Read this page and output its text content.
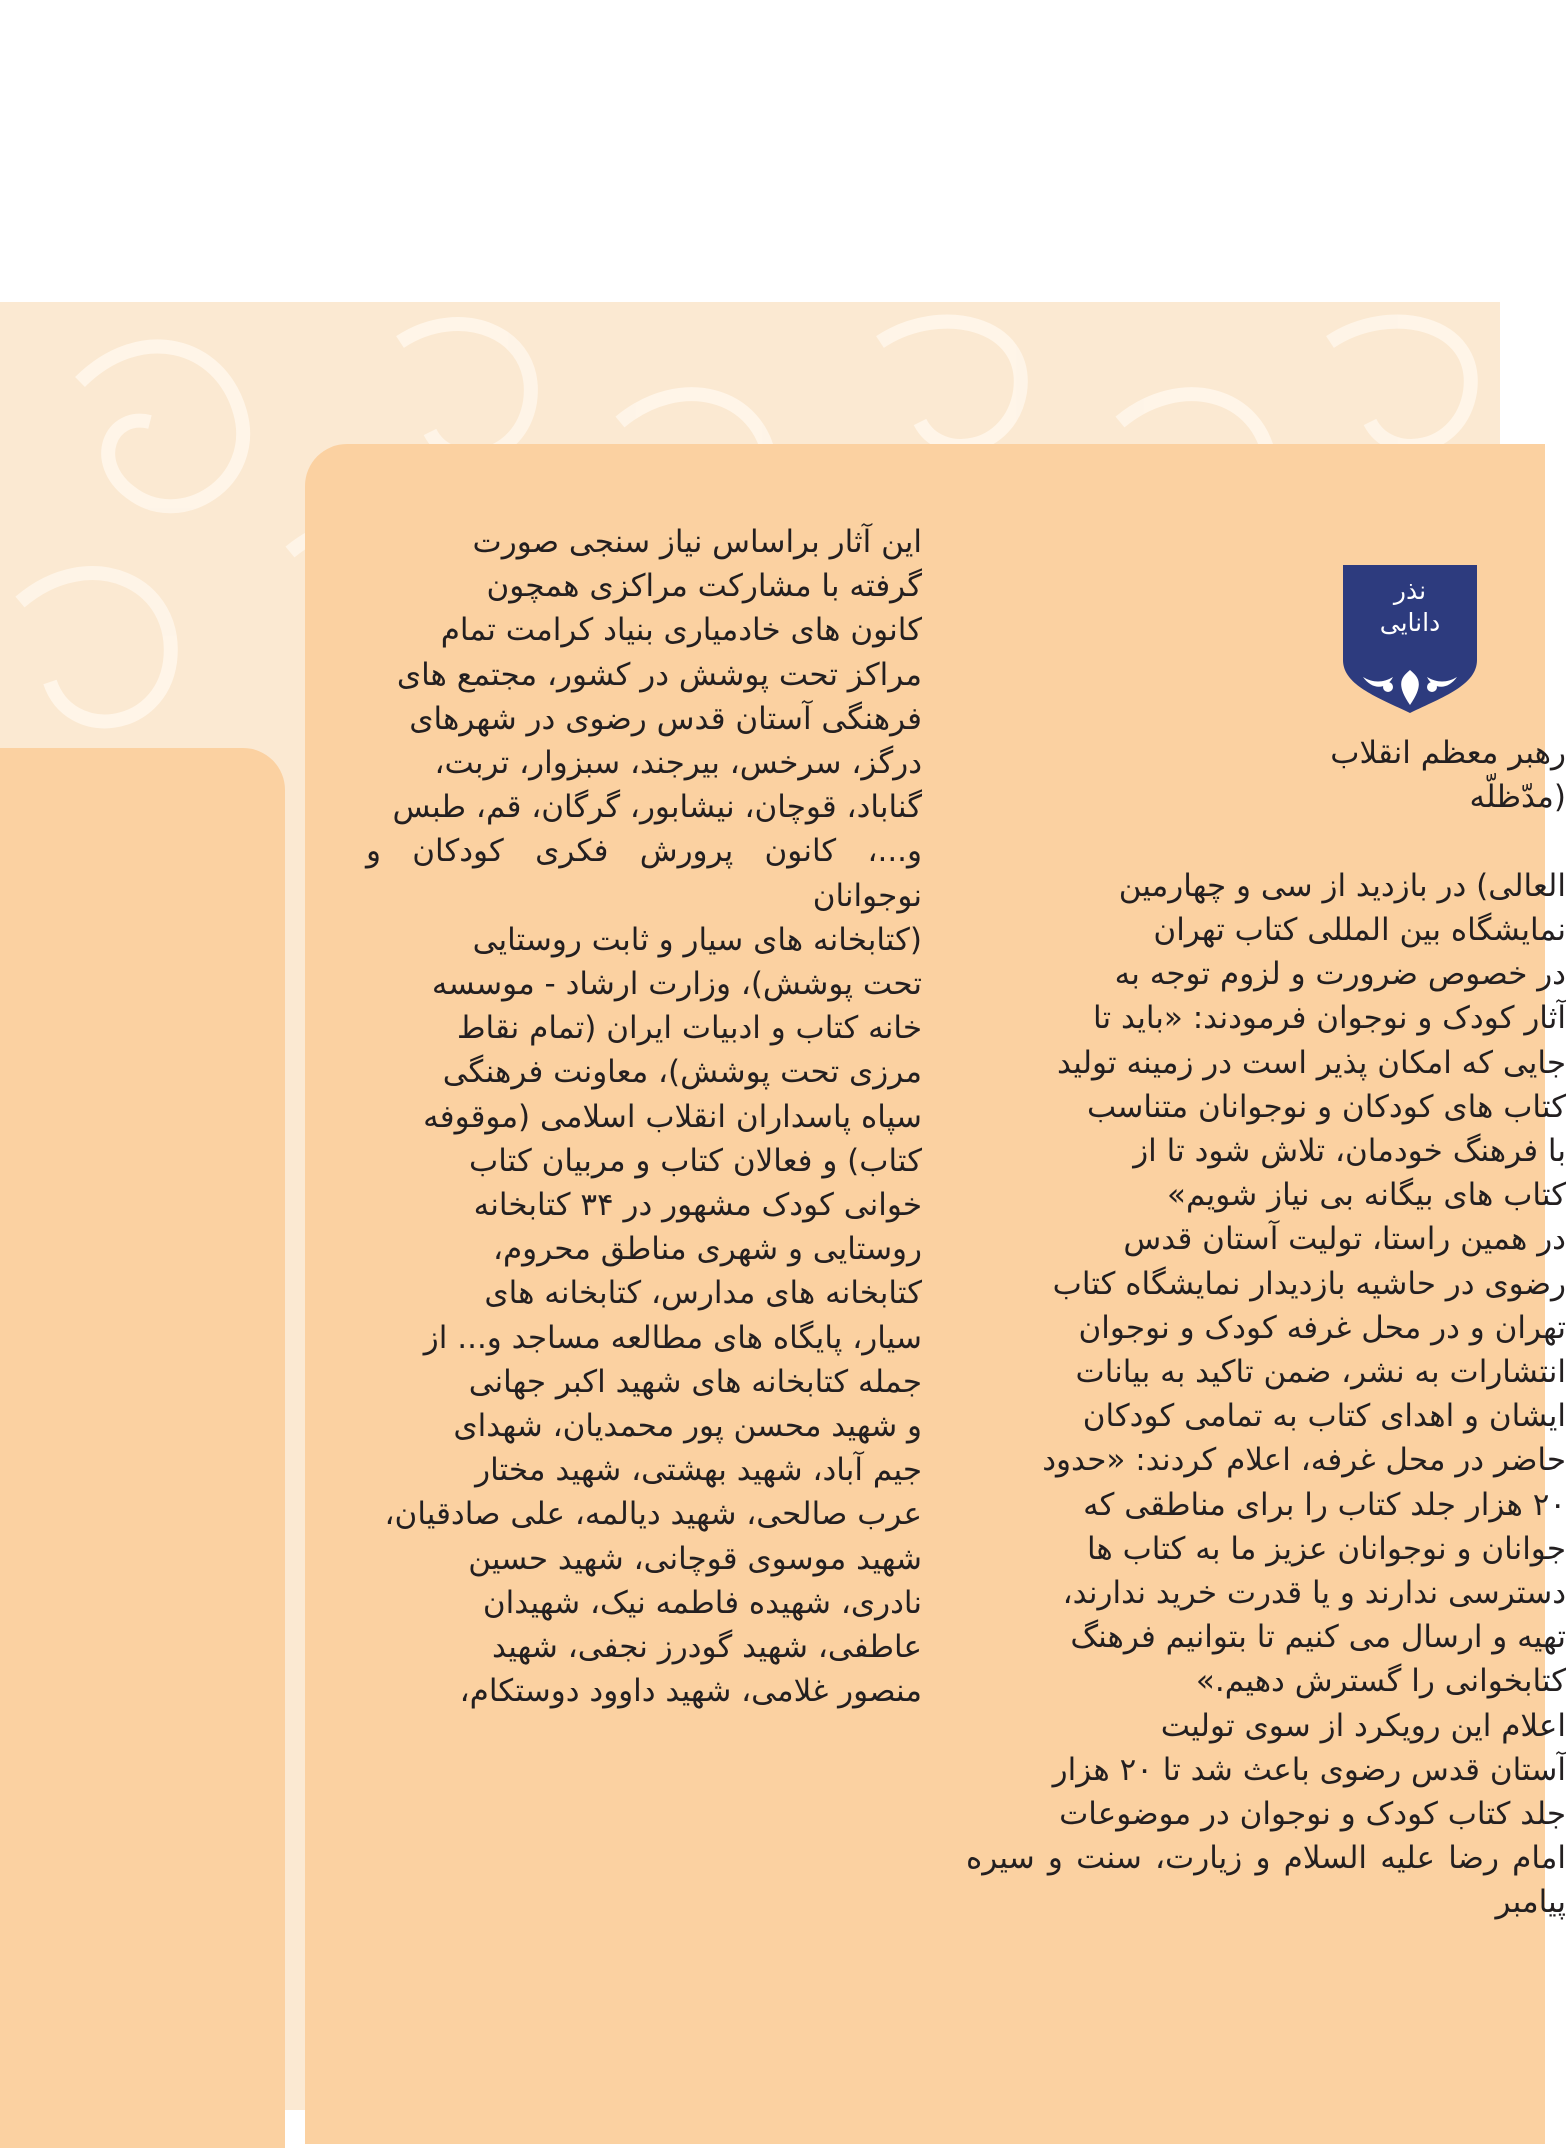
این آثار براساس نیاز سنجی صورت
گرفته با مشارکت مراکزی همچون
کانون های خادمیاری بنیاد کرامت تمام
مراکز تحت پوشش در کشور، مجتمع های
فرهنگی آستان قدس رضوی در شهرهای
درگز، سرخس، بیرجند، سبزوار، تربت،
گناباد، قوچان، نیشابور، گرگان، قم، طبس
و...، کانون پرورش فکری کودکان و نوجوانان
(کتابخانه های سیار و ثابت روستایی
تحت پوشش)، وزارت ارشاد - موسسه
خانه کتاب و ادبیات ایران (تمام نقاط
مرزی تحت پوشش)، معاونت فرهنگی
سپاه پاسداران انقلاب اسلامی (موقوفه
کتاب) و فعالان کتاب و مربیان کتاب
خوانی کودک مشهور در ۳۴ کتابخانه
روستایی و شهری مناطق محروم،
کتابخانه های مدارس، کتابخانه های
سیار، پایگاه های مطالعه مساجد و... از
جمله کتابخانه های شهید اکبر جهانی
و شهید محسن پور محمدیان، شهدای
جیم آباد، شهید بهشتی، شهید مختار
عرب صالحی، شهید دیالمه، علی صادقیان،
شهید موسوی قوچانی، شهید حسین
نادری، شهیده فاطمه نیک، شهیدان
عاطفی، شهید گودرز نجفی، شهید
منصور غلامی، شهید داوود دوستکام،
نذر
دانایی

رهبر معظم انقلاب (مدّظلّه

العالی) در بازدید از سی و چهارمین
نمایشگاه بین المللی کتاب تهران
در خصوص ضرورت و لزوم توجه به
آثار کودک و نوجوان فرمودند: «باید تا
جایی که امکان پذیر است در زمینه تولید
کتاب های کودکان و نوجوانان متناسب
با فرهنگ خودمان، تلاش شود تا از
کتاب های بیگانه بی نیاز شویم»
در همین راستا، تولیت آستان قدس
رضوی در حاشیه بازدیدار نمایشگاه کتاب
تهران و در محل غرفه کودک و نوجوان
انتشارات به نشر، ضمن تاکید به بیانات
ایشان و اهدای کتاب به تمامی کودکان
حاضر در محل غرفه، اعلام کردند: «حدود
۲۰ هزار جلد کتاب را برای مناطقی که
جوانان و نوجوانان عزیز ما به کتاب ها
دسترسی ندارند و یا قدرت خرید ندارند،
تهیه و ارسال می کنیم تا بتوانیم فرهنگ
کتابخوانی را گسترش دهیم.»
اعلام این رویکرد از سوی تولیت
آستان قدس رضوی باعث شد تا ۲۰ هزار
جلد کتاب کودک و نوجوان در موضوعات
امام رضا علیه السلام و زیارت، سنت و سیره پیامبر
